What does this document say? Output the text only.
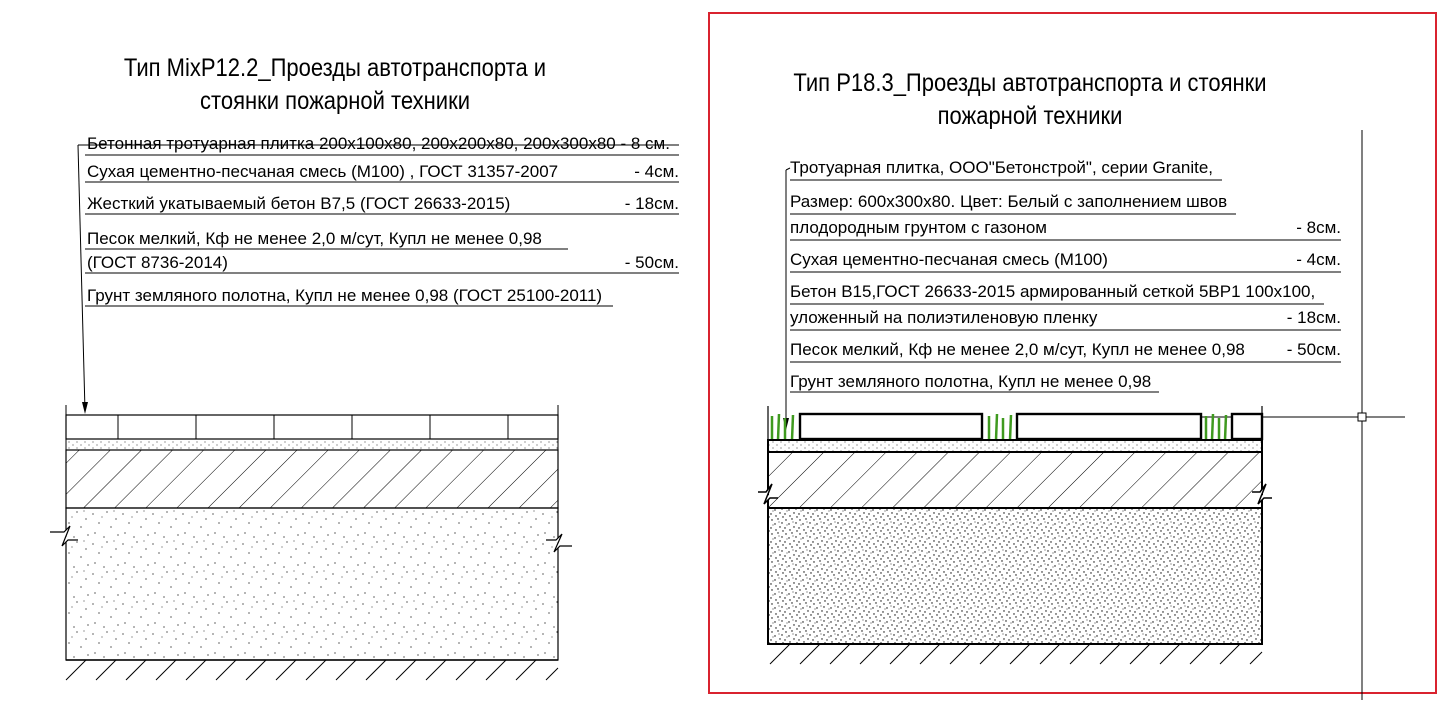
Тип MixP12.2_Проезды автотранспорта и
стоянки пожарной техники
Бетонная тротуарная плитка 200х100х80, 200х200х80, 200х300х80 - 8 см.
Сухая цементно-песчаная смесь (М100) , ГОСТ 31357-2007	- 4см.
Жесткий укатываемый бетон В7,5 (ГОСТ 26633-2015)	- 18см.
Песок мелкий, Кф не менее 2,0 м/сут, Купл не менее 0,98
(ГОСТ 8736-2014)	- 50см.
Грунт земляного полотна, Купл не менее 0,98 (ГОСТ 25100-2011)
Тип P18.3_Проезды автотранспорта и стоянки
пожарной техники
Тротуарная плитка, ООО"Бетонстрой", серии Granite,
Размер: 600х300х80. Цвет: Белый с заполнением швов
плодородным грунтом с газоном	- 8см.
Сухая цементно-песчаная смесь (М100)	- 4см.
Бетон В15,ГОСТ 26633-2015 армированный сеткой 5ВР1 100х100,
уложенный на полиэтиленовую пленку	- 18см.
Песок мелкий, Кф не менее 2,0 м/сут, Купл не менее 0,98 - 50см.
Грунт земляного полотна, Купл не менее 0,98
